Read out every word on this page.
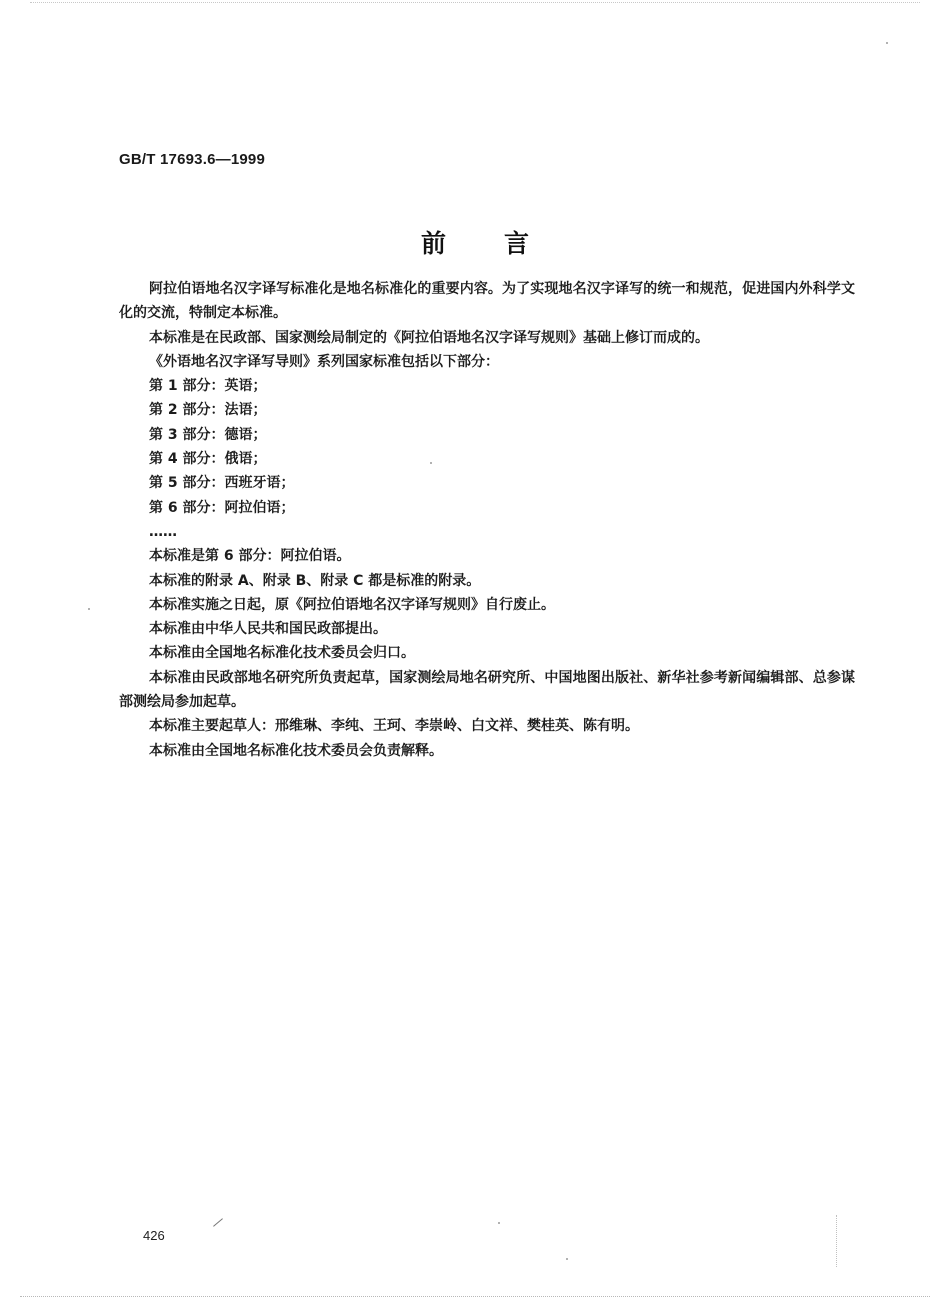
GB/T 17693.6—1999
前言

阿拉伯语地名汉字译写标准化是地名标准化的重要内容。为了实现地名汉字译写的统一和规范，促进国内外科学文化的交流，特制定本标准。

本标准是在民政部、国家测绘局制定的《阿拉伯语地名汉字译写规则》基础上修订而成的。

《外语地名汉字译写导则》系列国家标准包括以下部分：

第 1 部分：英语；

第 2 部分：法语；

第 3 部分：德语；

第 4 部分：俄语；

第 5 部分：西班牙语；

第 6 部分：阿拉伯语；

……

本标准是第 6 部分：阿拉伯语。

本标准的附录 A、附录 B、附录 C 都是标准的附录。

本标准实施之日起，原《阿拉伯语地名汉字译写规则》自行废止。

本标准由中华人民共和国民政部提出。

本标准由全国地名标准化技术委员会归口。

本标准由民政部地名研究所负责起草，国家测绘局地名研究所、中国地图出版社、新华社参考新闻编辑部、总参谋部测绘局参加起草。

本标准主要起草人：邢维琳、李纯、王珂、李崇岭、白文祥、樊桂英、陈有明。

本标准由全国地名标准化技术委员会负责解释。

426
